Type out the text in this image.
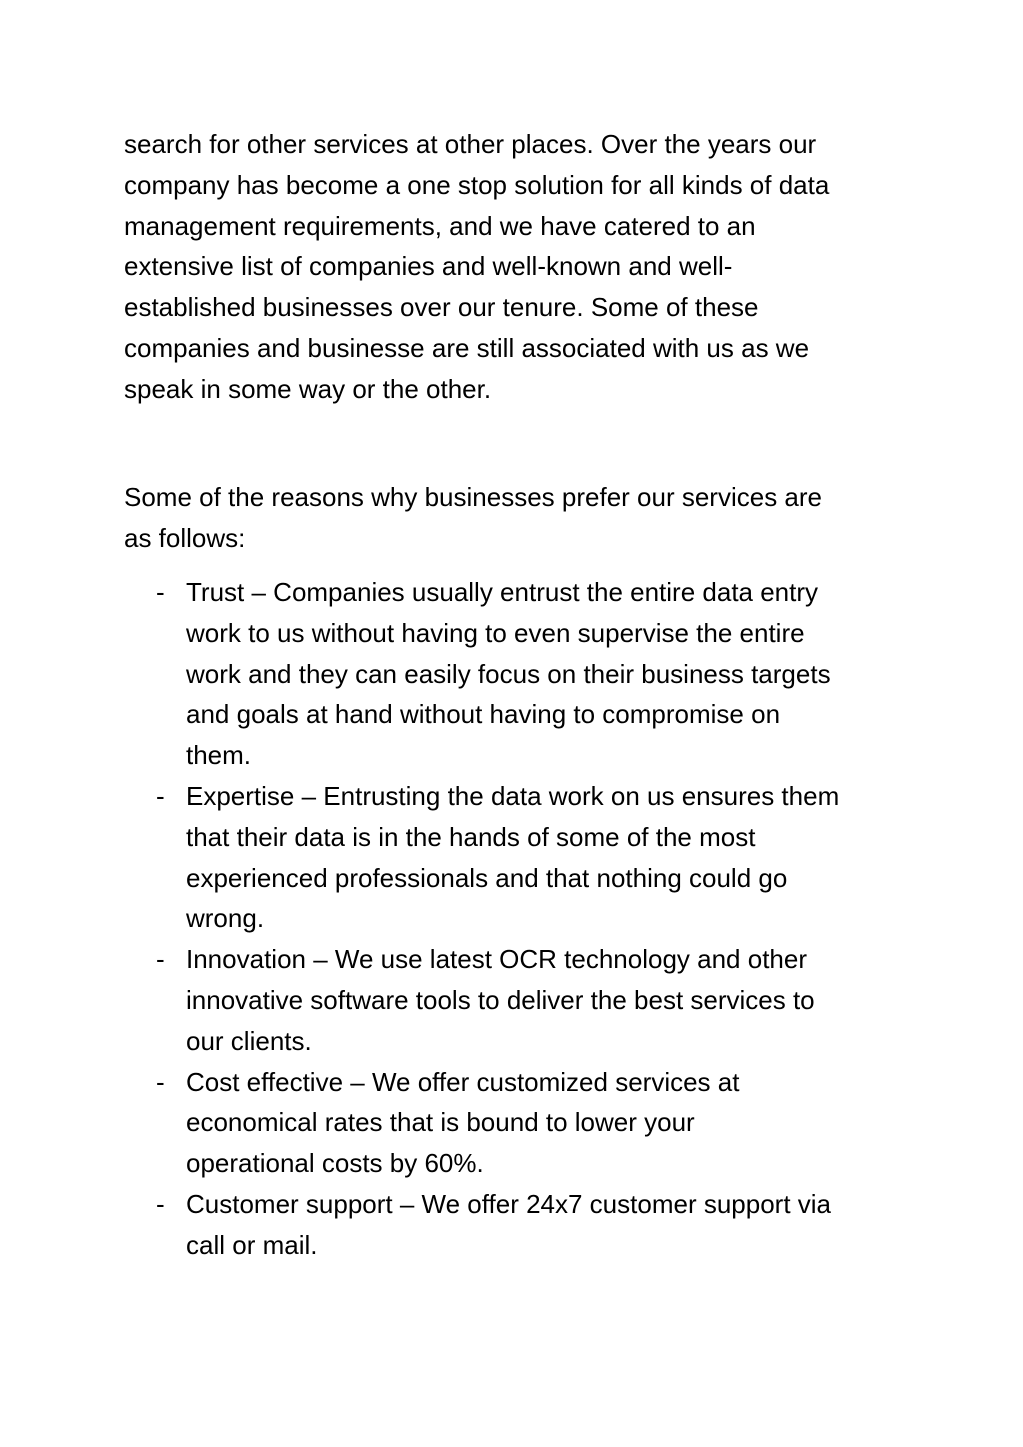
search for other services at other places. Over the years our
company has become a one stop solution for all kinds of data
management requirements, and we have catered to an
extensive list of companies and well-known and well-
established businesses over our tenure. Some of these
companies and businesse are still associated with us as we
speak in some way or the other.

Some of the reasons why businesses prefer our services are
as follows:

- Trust – Companies usually entrust the entire data entry
work to us without having to even supervise the entire
work and they can easily focus on their business targets
and goals at hand without having to compromise on
them.
- Expertise – Entrusting the data work on us ensures them
that their data is in the hands of some of the most
experienced professionals and that nothing could go
wrong.
- Innovation – We use latest OCR technology and other
innovative software tools to deliver the best services to
our clients.
- Cost effective – We offer customized services at
economical rates that is bound to lower your
operational costs by 60%.
- Customer support – We offer 24x7 customer support via
call or mail.
